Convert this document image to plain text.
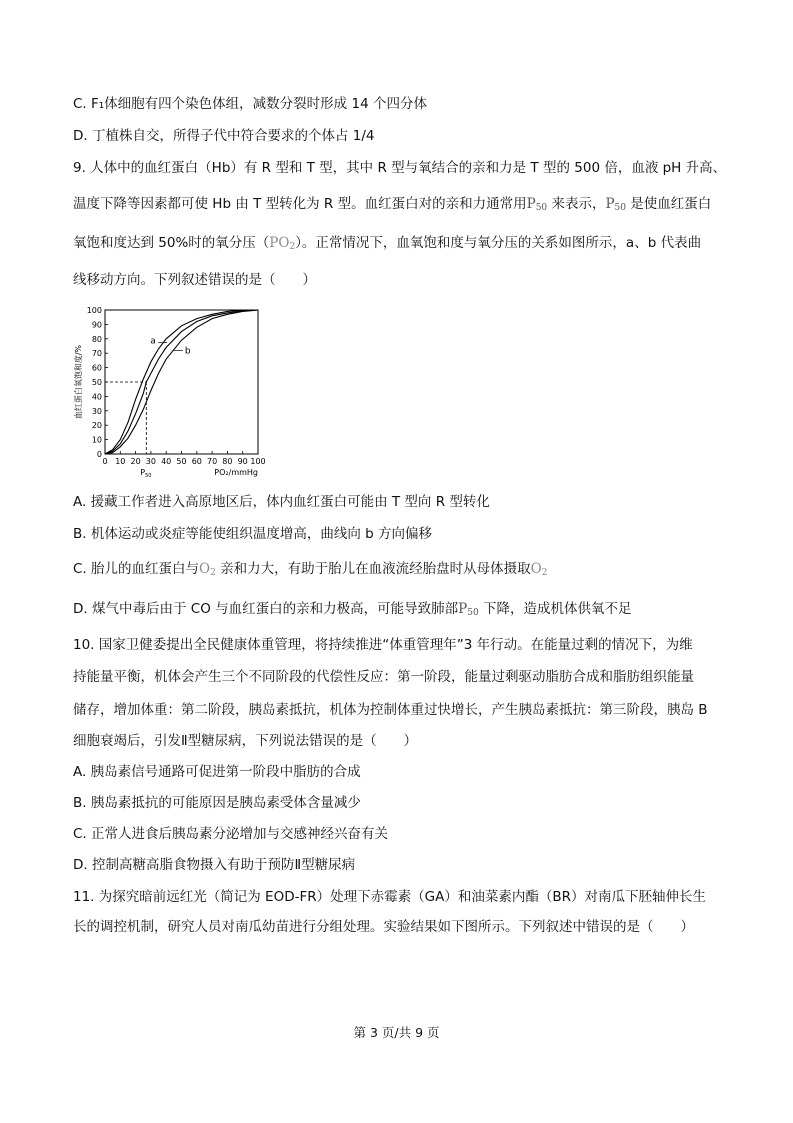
C. F₁体细胞有四个染色体组，减数分裂时形成 14 个四分体
D. 丁植株自交，所得子代中符合要求的个体占 1/4
9. 人体中的血红蛋白（Hb）有 R 型和 T 型，其中 R 型与氧结合的亲和力是 T 型的 500 倍，血液 pH 升高、
温度下降等因素都可使 Hb 由 T 型转化为 R 型。血红蛋白对的亲和力通常用$P_{50}$ 来表示，$P_{50}$ 是使血红蛋白
氧饱和度达到 50%时的氧分压$(PO_2)$。正常情况下，血氧饱和度与氧分压的关系如图所示，a、b 代表曲
线移动方向。下列叙述错误的是（　　）
0 10 20 30 40 50 60 70 80 90 100
0
10
20
30
40
50
60
70
80
90
100
a
b
血红蛋白氧饱和度/%
PO₂/mmHg
$P_{50}$
A. 援藏工作者进入高原地区后，体内血红蛋白可能由 T 型向 R 型转化
B. 机体运动或炎症等能使组织温度增高，曲线向 b 方向偏移
C. 胎儿的血红蛋白与$O_2$ 亲和力大，有助于胎儿在血液流经胎盘时从母体摄取$O_2$
D. 煤气中毒后由于 CO 与血红蛋白的亲和力极高，可能导致肺部$P_{50}$ 下降，造成机体供氧不足
10. 国家卫健委提出全民健康体重管理，将持续推进“体重管理年”3 年行动。在能量过剩的情况下，为维
持能量平衡，机体会产生三个不同阶段的代偿性反应：第一阶段，能量过剩驱动脂肪合成和脂肪组织能量
储存，增加体重：第二阶段，胰岛素抵抗，机体为控制体重过快增长，产生胰岛素抵抗：第三阶段，胰岛 B
细胞衰竭后，引发Ⅱ型糖尿病，下列说法错误的是（　　）
A. 胰岛素信号通路可促进第一阶段中脂肪的合成
B. 胰岛素抵抗的可能原因是胰岛素受体含量减少
C. 正常人进食后胰岛素分泌增加与交感神经兴奋有关
D. 控制高糖高脂食物摄入有助于预防Ⅱ型糖尿病
11. 为探究暗前远红光（简记为 EOD-FR）处理下赤霉素（GA）和油菜素内酯（BR）对南瓜下胚轴伸长生
长的调控机制，研究人员对南瓜幼苗进行分组处理。实验结果如下图所示。下列叙述中错误的是（　　）
第 3 页/共 9 页
